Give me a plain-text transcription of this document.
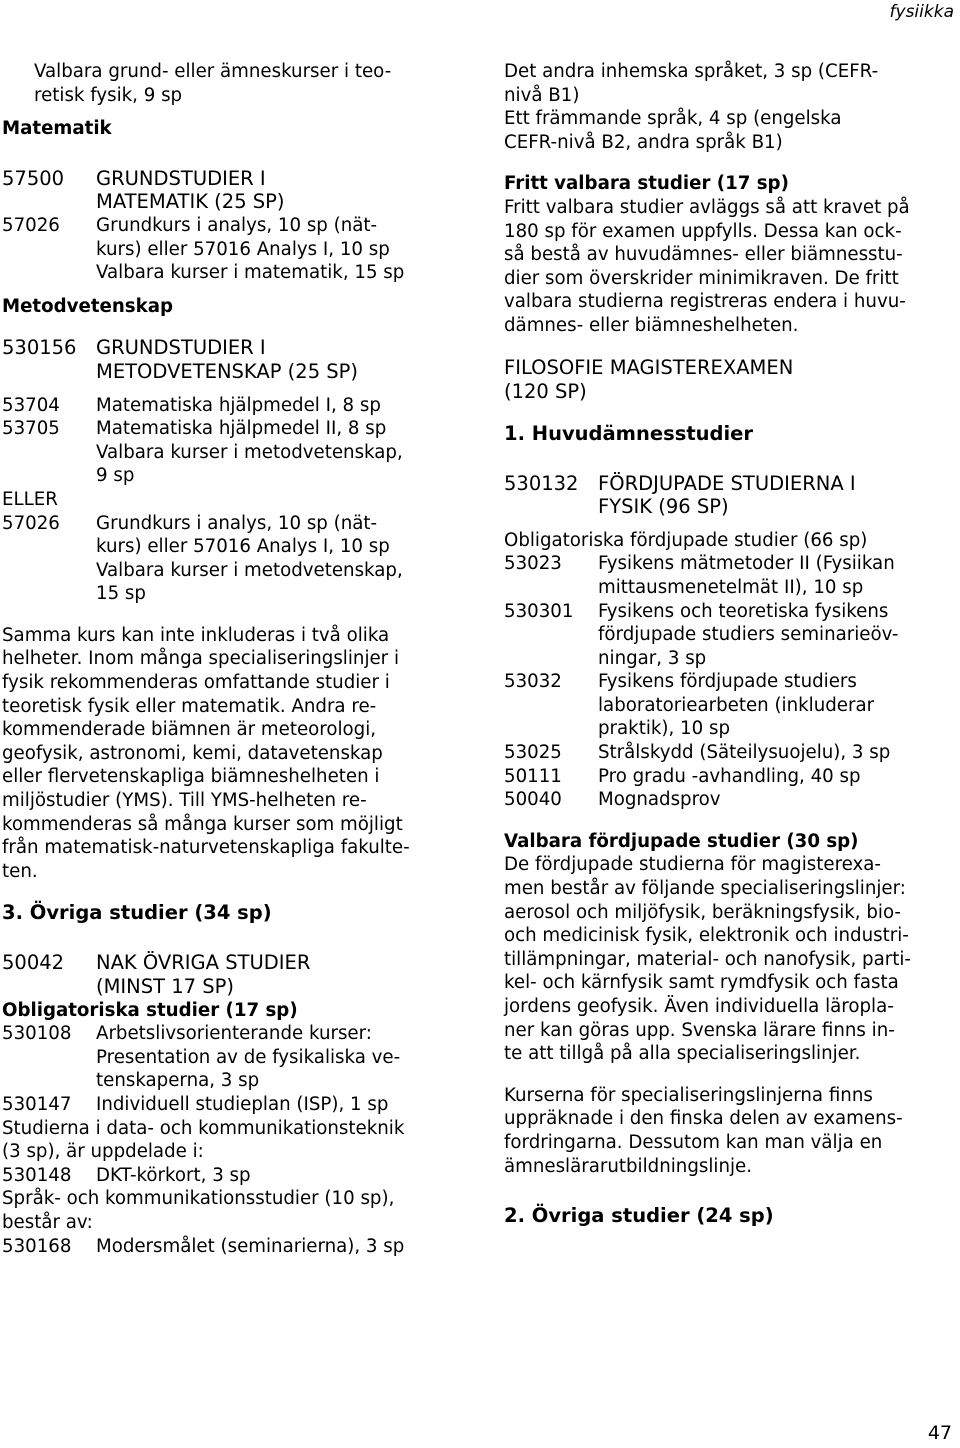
fysiikka

Valbara grund- eller ämneskurser i teo-

retisk fysik, 9 sp

Matematik

57500	GRUNDSTUDIER I
MATEMATIK (25 SP)
57026	Grundkurs i analys, 10 sp (nät-
kurs) eller 57016 Analys I, 10 sp
Valbara kurser i matematik, 15 sp

Metodvetenskap

530156	GRUNDSTUDIER I
METODVETENSKAP (25 SP)
53704	Matematiska hjälpmedel I, 8 sp
53705	Matematiska hjälpmedel II, 8 sp
Valbara kurser i metodvetenskap,
9 sp

ELLER

57026	Grundkurs i analys, 10 sp (nät-
kurs) eller 57016 Analys I, 10 sp
Valbara kurser i metodvetenskap,
15 sp

Samma kurs kan inte inkluderas i två olika

helheter. Inom många specialiseringslinjer i

fysik rekommenderas omfattande studier i

teoretisk fysik eller matematik. Andra re-

kommenderade biämnen är meteorologi,

geofysik, astronomi, kemi, datavetenskap

eller flervetenskapliga biämneshelheten i

miljöstudier (YMS). Till YMS-helheten re-

kommenderas så många kurser som möjligt

från matematisk-naturvetenskapliga fakulte-

ten.

3. Övriga studier (34 sp)

50042	NAK ÖVRIGA STUDIER
(MINST 17 SP)

Obligatoriska studier (17 sp)

530108	Arbetslivsorienterande kurser:
Presentation av de fysikaliska ve-
tenskaperna, 3 sp
530147	Individuell studieplan (ISP), 1 sp

Studierna i data- och kommunikationsteknik

(3 sp), är uppdelade i:

530148	DKT-körkort, 3 sp

Språk- och kommunikationsstudier (10 sp),

består av:

530168	Modersmålet (seminarierna), 3 sp

Det andra inhemska språket, 3 sp (CEFR-

nivå B1)

Ett främmande språk, 4 sp (engelska

CEFR-nivå B2, andra språk B1)

Fritt valbara studier (17 sp)

Fritt valbara studier avläggs så att kravet på

180 sp för examen uppfylls. Dessa kan ock-

så bestå av huvudämnes- eller biämnesstu-

dier som överskrider minimikraven. De fritt

valbara studierna registreras endera i huvu-

dämnes- eller biämneshelheten.

FILOSOFIE MAGISTEREXAMEN

(120 SP)

1. Huvudämnesstudier

530132	FÖRDJUPADE STUDIERNA I
FYSIK (96 SP)

Obligatoriska fördjupade studier (66 sp)

53023	Fysikens mätmetoder II (Fysiikan
mittausmenetelmät II), 10 sp
530301	Fysikens och teoretiska fysikens
fördjupade studiers seminarieöv-
ningar, 3 sp
53032	Fysikens fördjupade studiers
laboratoriearbeten (inkluderar
praktik), 10 sp
53025	Strålskydd (Säteilysuojelu), 3 sp
50111	Pro gradu -avhandling, 40 sp
50040	Mognadsprov

Valbara fördjupade studier (30 sp)

De fördjupade studierna för magisterexa-

men består av följande specialiseringslinjer:

aerosol och miljöfysik, beräkningsfysik, bio-

och medicinisk fysik, elektronik och industri-

tillämpningar, material- och nanofysik, parti-

kel- och kärnfysik samt rymdfysik och fasta

jordens geofysik. Även individuella läropla-

ner kan göras upp. Svenska lärare finns in-

te att tillgå på alla specialiseringslinjer.

Kurserna för specialiseringslinjerna finns

uppräknade i den finska delen av examens-

fordringarna. Dessutom kan man välja en

ämneslärarutbildningslinje.

2. Övriga studier (24 sp)

47
